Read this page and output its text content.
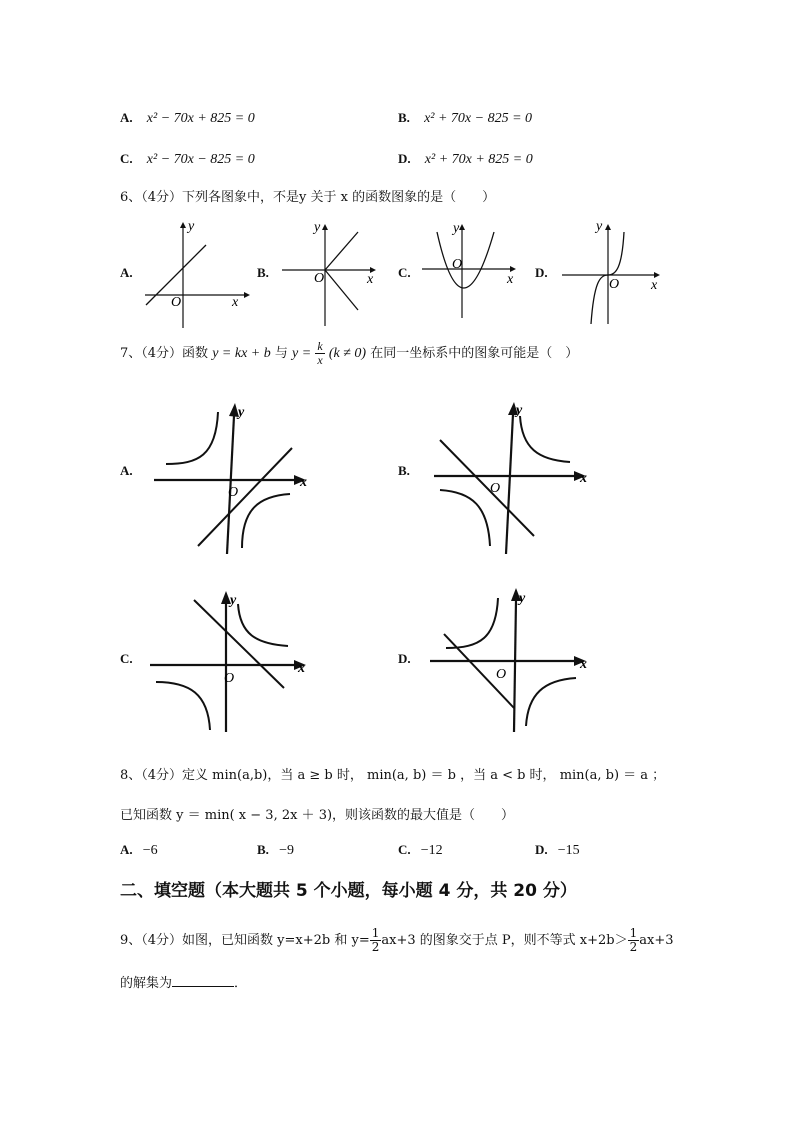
A. x² − 70x + 825 = 0	B. x² + 70x − 825 = 0
C. x² − 70x − 825 = 0	D. x² + 70x + 825 = 0
6、（4分）下列各图象中，不是y 关于 x 的函数图象的是（　　）
A.	B.	C.	D.
y
x
O
y
x
O
y
x
O
y
x
O
7、（4分）函数 y = kx + b 与 $y = \frac{k}{x} (k \ne 0)$ 在同一坐标系中的图象可能是（　）
A.	B.
C.	D.
y
x
O
y
x
O
y
x
O
y
x
O
8、（4分）定义 min(a,b)，当 a ≥ b 时， min(a, b) ＝ b ，当 a < b 时， min(a, b) ＝ a ；
已知函数 y ＝ min( x − 3, 2x ＋ 3)，则该函数的最大值是（　　）
A. −6	B. −9	C. −12	D. −15
二、填空题（本大题共 5 个小题，每小题 4 分，共 20 分）
9、（4分）如图，已知函数 y=x+2b 和 $y= \frac{1}{2} ax+3$ 的图象交于点 P，则不等式 $x+2b> \frac{1}{2} ax+3$
的解集为	．
